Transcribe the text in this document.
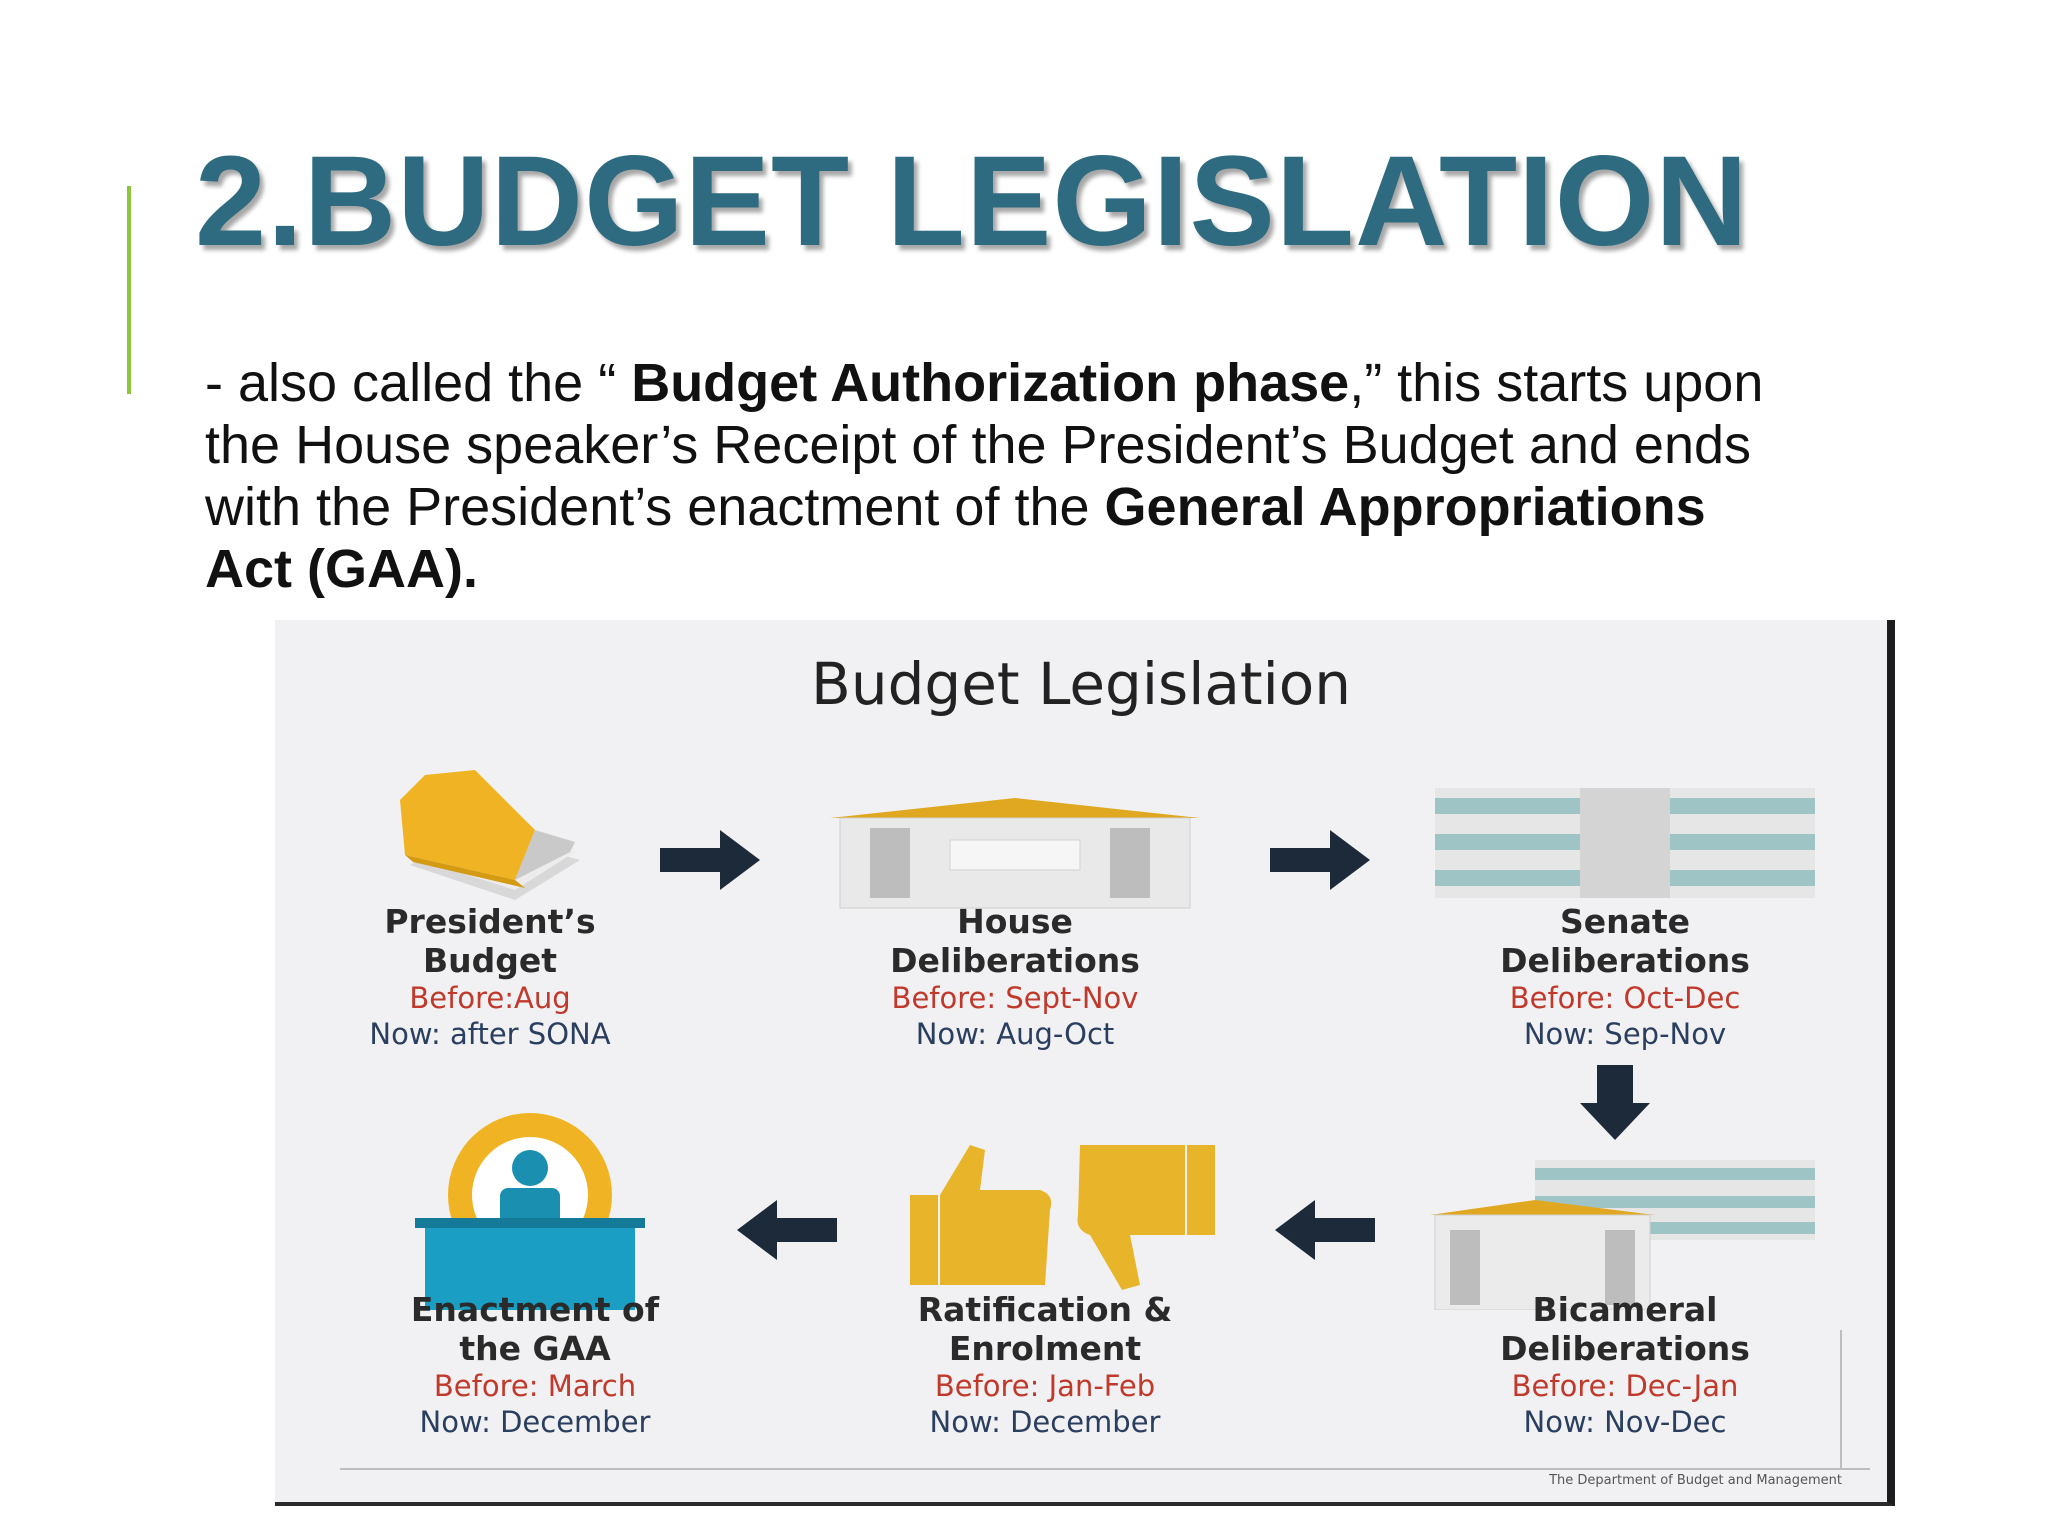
2.BUDGET LEGISLATION

- also called the “ Budget Authorization phase,” this starts upon the House speaker’s Receipt of the President’s Budget and ends with the President’s enactment of the General Appropriations Act (GAA).

Budget Legislation
President’s
Budget
Before:Aug
Now: after SONA
House
Deliberations
Before: Sept-Nov
Now: Aug-Oct
Senate
Deliberations
Before: Oct-Dec
Now: Sep-Nov
Bicameral
Deliberations
Before: Dec-Jan
Now: Nov-Dec
Ratification &
Enrolment
Before: Jan-Feb
Now: December
Enactment of
the GAA
Before: March
Now: December
The Department of Budget and Management
